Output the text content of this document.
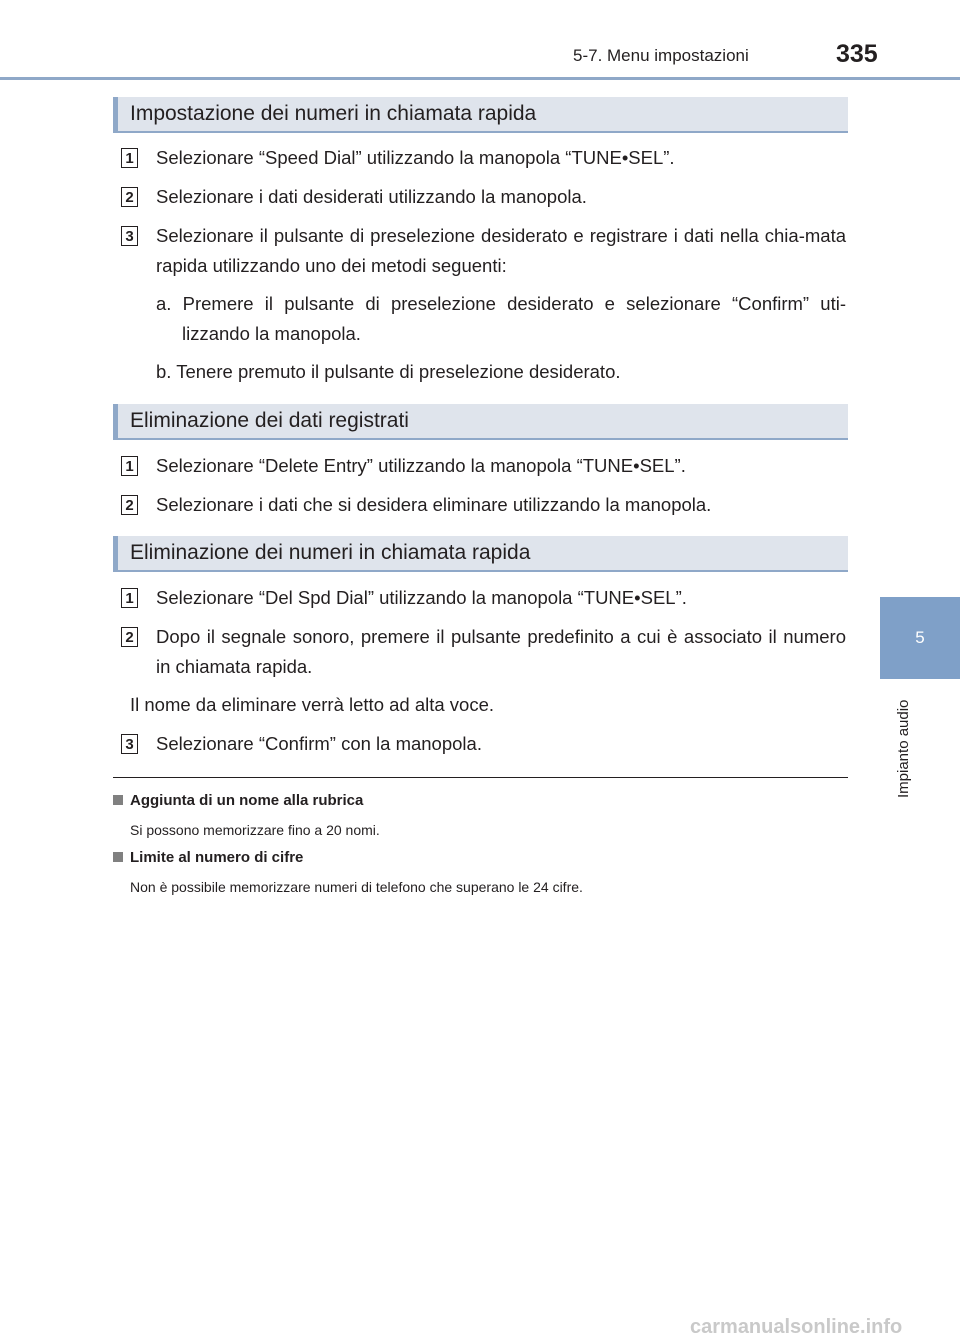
5-7. Menu impostazioni	335
5
Impianto audio
Impostazione dei numeri in chiamata rapida
1 Selezionare “Speed Dial” utilizzando la manopola “TUNE•SEL”.
2 Selezionare i dati desiderati utilizzando la manopola.
3 Selezionare il pulsante di preselezione desiderato e registrare i dati nella chia-mata rapida utilizzando uno dei metodi seguenti:
a. Premere il pulsante di preselezione desiderato e selezionare “Confirm” uti-lizzando la manopola.
b. Tenere premuto il pulsante di preselezione desiderato.
Eliminazione dei dati registrati
1 Selezionare “Delete Entry” utilizzando la manopola “TUNE•SEL”.
2 Selezionare i dati che si desidera eliminare utilizzando la manopola.
Eliminazione dei numeri in chiamata rapida
1 Selezionare “Del Spd Dial” utilizzando la manopola “TUNE•SEL”.
2 Dopo il segnale sonoro, premere il pulsante predefinito a cui è associato il numero in chiamata rapida.
Il nome da eliminare verrà letto ad alta voce.
3 Selezionare “Confirm” con la manopola.
Aggiunta di un nome alla rubrica
Si possono memorizzare fino a 20 nomi.
Limite al numero di cifre
Non è possibile memorizzare numeri di telefono che superano le 24 cifre.
carmanualsonline.info
